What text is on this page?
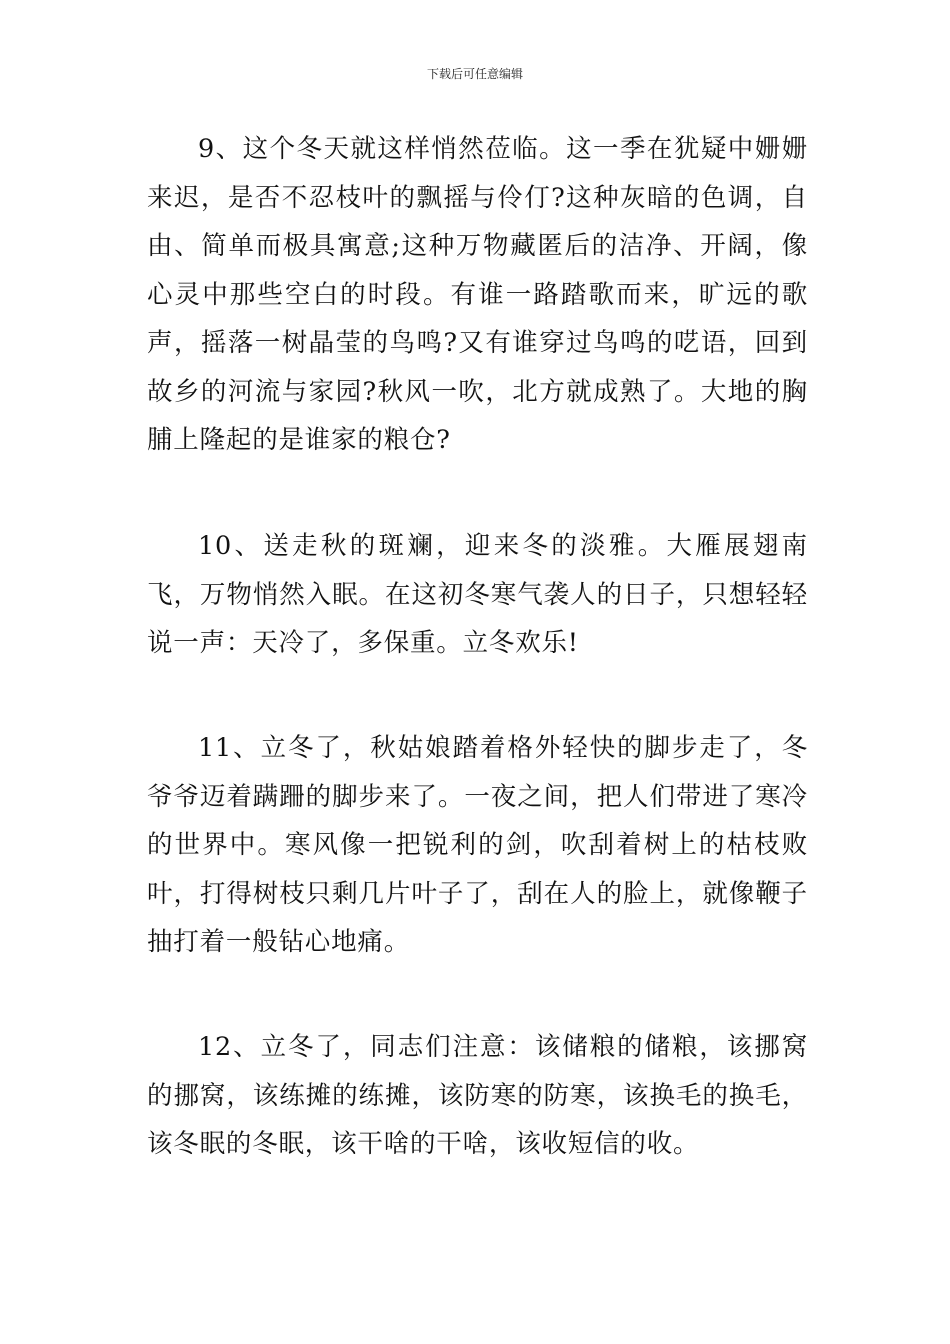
下载后可任意编辑

9、这个冬天就这样悄然莅临。这一季在犹疑中姗姗来迟，是否不忍枝叶的飘摇与伶仃?这种灰暗的色调，自由、简单而极具寓意;这种万物藏匿后的洁净、开阔，像心灵中那些空白的时段。有谁一路踏歌而来，旷远的歌声，摇落一树晶莹的鸟鸣?又有谁穿过鸟鸣的呓语，回到故乡的河流与家园?秋风一吹，北方就成熟了。大地的胸脯上隆起的是谁家的粮仓?

10、送走秋的斑斓，迎来冬的淡雅。大雁展翅南飞，万物悄然入眠。在这初冬寒气袭人的日子，只想轻轻说一声：天冷了，多保重。立冬欢乐!

11、立冬了，秋姑娘踏着格外轻快的脚步走了，冬爷爷迈着蹒跚的脚步来了。一夜之间，把人们带进了寒冷的世界中。寒风像一把锐利的剑，吹刮着树上的枯枝败叶，打得树枝只剩几片叶子了，刮在人的脸上，就像鞭子抽打着一般钻心地痛。

12、立冬了，同志们注意：该储粮的储粮，该挪窝的挪窝，该练摊的练摊，该防寒的防寒，该换毛的换毛，该冬眠的冬眠，该干啥的干啥，该收短信的收。
